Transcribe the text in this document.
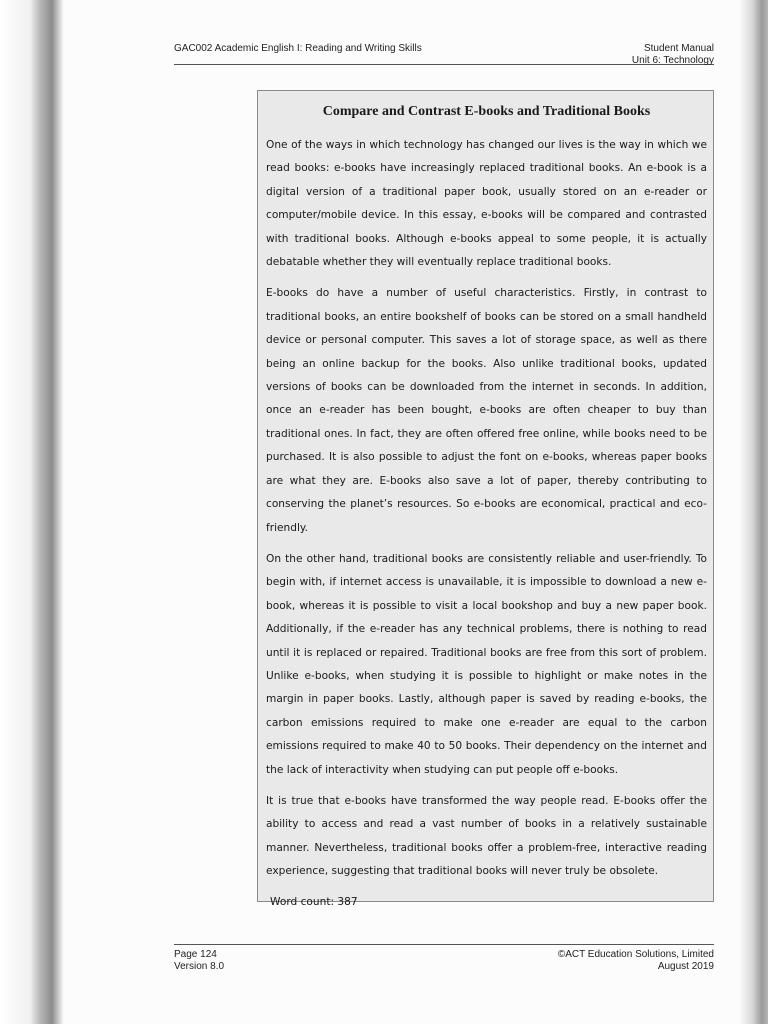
GAC002 Academic English I: Reading and Writing Skills	Student Manual
Unit 6: Technology
Compare and Contrast E-books and Traditional Books

One of the ways in which technology has changed our lives is the way in which we read books: e-books have increasingly replaced traditional books. An e-book is a digital version of a traditional paper book, usually stored on an e-reader or computer/mobile device. In this essay, e-books will be compared and contrasted with traditional books. Although e-books appeal to some people, it is actually debatable whether they will eventually replace traditional books.

E-books do have a number of useful characteristics. Firstly, in contrast to traditional books, an entire bookshelf of books can be stored on a small handheld device or personal computer. This saves a lot of storage space, as well as there being an online backup for the books. Also unlike traditional books, updated versions of books can be downloaded from the internet in seconds. In addition, once an e-reader has been bought, e-books are often cheaper to buy than traditional ones. In fact, they are often offered free online, while books need to be purchased. It is also possible to adjust the font on e-books, whereas paper books are what they are. E-books also save a lot of paper, thereby contributing to conserving the planet’s resources. So e-books are economical, practical and eco-friendly.

On the other hand, traditional books are consistently reliable and user-friendly. To begin with, if internet access is unavailable, it is impossible to download a new e-book, whereas it is possible to visit a local bookshop and buy a new paper book. Additionally, if the e-reader has any technical problems, there is nothing to read until it is replaced or repaired. Traditional books are free from this sort of problem. Unlike e-books, when studying it is possible to highlight or make notes in the margin in paper books. Lastly, although paper is saved by reading e-books, the carbon emissions required to make one e-reader are equal to the carbon emissions required to make 40 to 50 books. Their dependency on the internet and the lack of interactivity when studying can put people off e-books.

It is true that e-books have transformed the way people read. E-books offer the ability to access and read a vast number of books in a relatively sustainable manner. Nevertheless, traditional books offer a problem-free, interactive reading experience, suggesting that traditional books will never truly be obsolete.

Word count: 387
Page 124
Version 8.0
©ACT Education Solutions, Limited
August 2019
